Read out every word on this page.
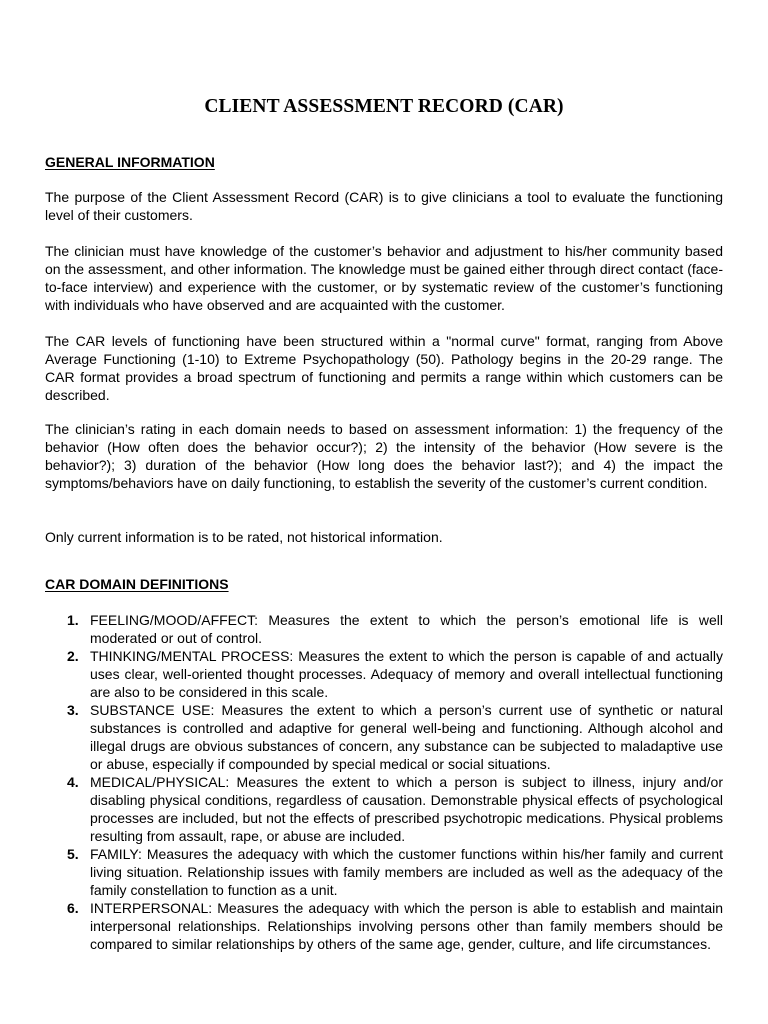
CLIENT ASSESSMENT RECORD (CAR)
GENERAL INFORMATION

The purpose of the Client Assessment Record (CAR) is to give clinicians a tool to evaluate the functioning level of their customers.

The clinician must have knowledge of the customer’s behavior and adjustment to his/her community based on the assessment, and other information. The knowledge must be gained either through direct contact (face-to-face interview) and experience with the customer, or by systematic review of the customer’s functioning with individuals who have observed and are acquainted with the customer.

The CAR levels of functioning have been structured within a "normal curve" format, ranging from Above Average Functioning (1-10) to Extreme Psychopathology (50). Pathology begins in the 20-29 range. The CAR format provides a broad spectrum of functioning and permits a range within which customers can be described.

The clinician’s rating in each domain needs to based on assessment information: 1) the frequency of the behavior (How often does the behavior occur?); 2) the intensity of the behavior (How severe is the behavior?); 3) duration of the behavior (How long does the behavior last?); and 4) the impact the symptoms/behaviors have on daily functioning, to establish the severity of the customer’s current condition.

Only current information is to be rated, not historical information.

CAR DOMAIN DEFINITIONS
1. FEELING/MOOD/AFFECT: Measures the extent to which the person’s emotional life is well moderated or out of control.
2. THINKING/MENTAL PROCESS: Measures the extent to which the person is capable of and actually uses clear, well-oriented thought processes. Adequacy of memory and overall intellectual functioning are also to be considered in this scale.
3. SUBSTANCE USE: Measures the extent to which a person’s current use of synthetic or natural substances is controlled and adaptive for general well-being and functioning. Although alcohol and illegal drugs are obvious substances of concern, any substance can be subjected to maladaptive use or abuse, especially if compounded by special medical or social situations.
4. MEDICAL/PHYSICAL: Measures the extent to which a person is subject to illness, injury and/or disabling physical conditions, regardless of causation. Demonstrable physical effects of psychological processes are included, but not the effects of prescribed psychotropic medications. Physical problems resulting from assault, rape, or abuse are included.
5. FAMILY: Measures the adequacy with which the customer functions within his/her family and current living situation. Relationship issues with family members are included as well as the adequacy of the family constellation to function as a unit.
6. INTERPERSONAL: Measures the adequacy with which the person is able to establish and maintain interpersonal relationships. Relationships involving persons other than family members should be compared to similar relationships by others of the same age, gender, culture, and life circumstances.
